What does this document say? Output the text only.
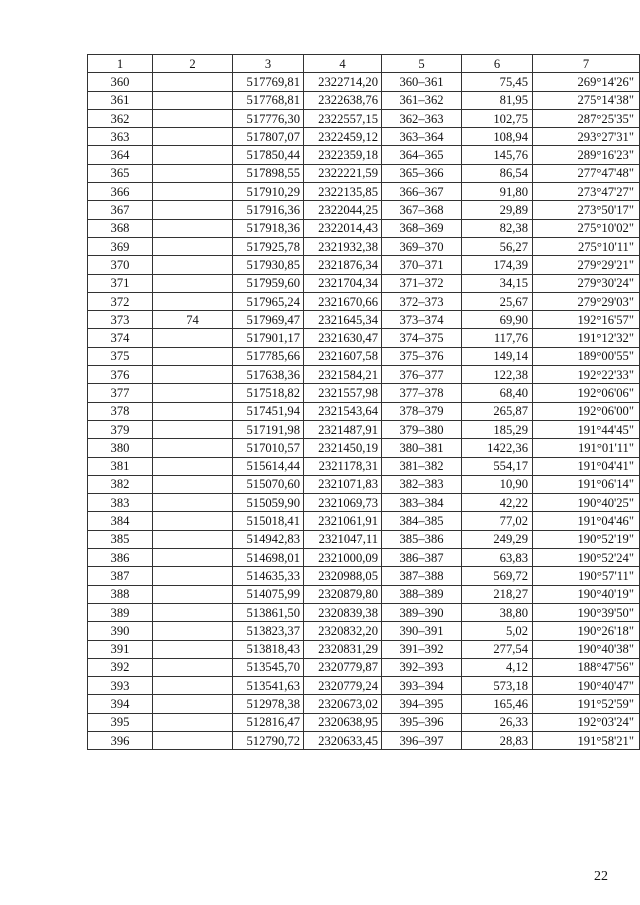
1	2	3	4	5	6	7
360		517769,81	2322714,20	360–361	75,45	269°14'26"
361		517768,81	2322638,76	361–362	81,95	275°14'38"
362		517776,30	2322557,15	362–363	102,75	287°25'35"
363		517807,07	2322459,12	363–364	108,94	293°27'31"
364		517850,44	2322359,18	364–365	145,76	289°16'23"
365		517898,55	2322221,59	365–366	86,54	277°47'48"
366		517910,29	2322135,85	366–367	91,80	273°47'27"
367		517916,36	2322044,25	367–368	29,89	273°50'17"
368		517918,36	2322014,43	368–369	82,38	275°10'02"
369		517925,78	2321932,38	369–370	56,27	275°10'11"
370		517930,85	2321876,34	370–371	174,39	279°29'21"
371		517959,60	2321704,34	371–372	34,15	279°30'24"
372		517965,24	2321670,66	372–373	25,67	279°29'03"
373	74	517969,47	2321645,34	373–374	69,90	192°16'57"
374		517901,17	2321630,47	374–375	117,76	191°12'32"
375		517785,66	2321607,58	375–376	149,14	189°00'55"
376		517638,36	2321584,21	376–377	122,38	192°22'33"
377		517518,82	2321557,98	377–378	68,40	192°06'06"
378		517451,94	2321543,64	378–379	265,87	192°06'00"
379		517191,98	2321487,91	379–380	185,29	191°44'45"
380		517010,57	2321450,19	380–381	1422,36	191°01'11"
381		515614,44	2321178,31	381–382	554,17	191°04'41"
382		515070,60	2321071,83	382–383	10,90	191°06'14"
383		515059,90	2321069,73	383–384	42,22	190°40'25"
384		515018,41	2321061,91	384–385	77,02	191°04'46"
385		514942,83	2321047,11	385–386	249,29	190°52'19"
386		514698,01	2321000,09	386–387	63,83	190°52'24"
387		514635,33	2320988,05	387–388	569,72	190°57'11"
388		514075,99	2320879,80	388–389	218,27	190°40'19"
389		513861,50	2320839,38	389–390	38,80	190°39'50"
390		513823,37	2320832,20	390–391	5,02	190°26'18"
391		513818,43	2320831,29	391–392	277,54	190°40'38"
392		513545,70	2320779,87	392–393	4,12	188°47'56"
393		513541,63	2320779,24	393–394	573,18	190°40'47"
394		512978,38	2320673,02	394–395	165,46	191°52'59"
395		512816,47	2320638,95	395–396	26,33	192°03'24"
396		512790,72	2320633,45	396–397	28,83	191°58'21"
22
